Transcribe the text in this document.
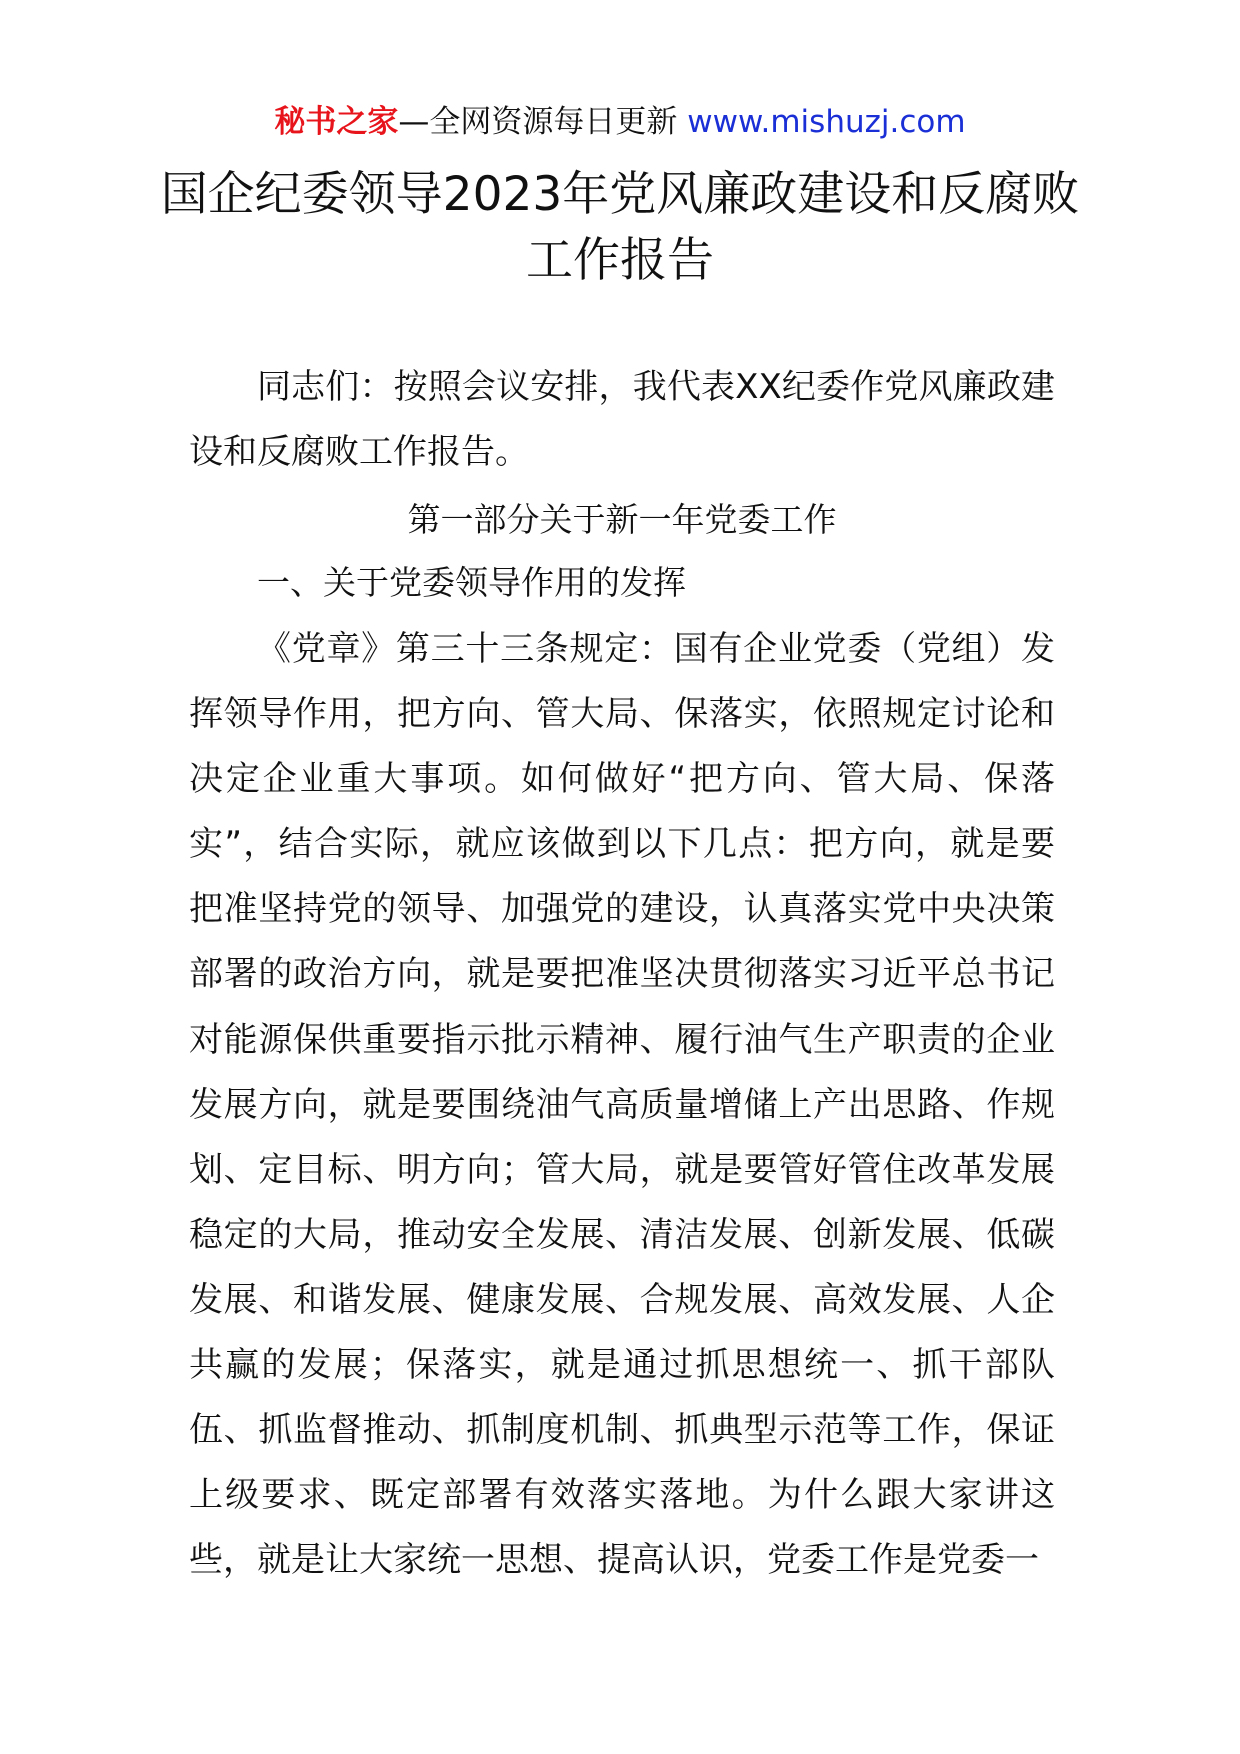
秘书之家—全网资源每日更新 www.mishuzj.com
国企纪委领导2023年党风廉政建设和反腐败工作报告
同志们：按照会议安排，我代表XX纪委作党风廉政建设和反腐败工作报告。
第一部分关于新一年党委工作
一、关于党委领导作用的发挥
《党章》第三十三条规定：国有企业党委（党组）发挥领导作用，把方向、管大局、保落实，依照规定讨论和决定企业重大事项。如何做好“把方向、管大局、保落实”，结合实际，就应该做到以下几点：把方向，就是要把准坚持党的领导、加强党的建设，认真落实党中央决策部署的政治方向，就是要把准坚决贯彻落实习近平总书记对能源保供重要指示批示精神、履行油气生产职责的企业发展方向，就是要围绕油气高质量增储上产出思路、作规划、定目标、明方向；管大局，就是要管好管住改革发展稳定的大局，推动安全发展、清洁发展、创新发展、低碳发展、和谐发展、健康发展、合规发展、高效发展、人企共赢的发展；保落实，就是通过抓思想统一、抓干部队伍、抓监督推动、抓制度机制、抓典型示范等工作，保证上级要求、既定部署有效落实落地。为什么跟大家讲这些，就是让大家统一思想、提高认识，党委工作是党委一
